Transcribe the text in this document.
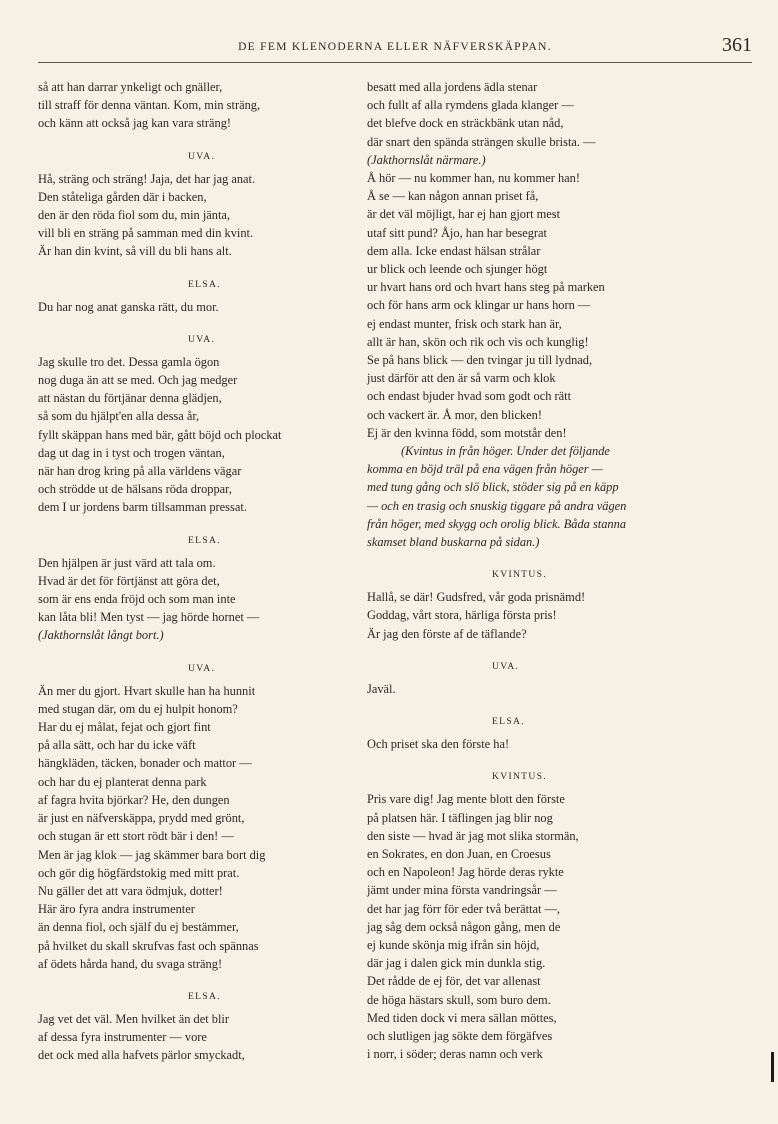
DE FEM KLENODERNA ELLER NÄFVERSKÄPPAN.	361

så att han darrar ynkeligt och gnäller,

till straff för denna väntan. Kom, min sträng,

och känn att också jag kan vara sträng!

UVA.

Hå, sträng och sträng! Jaja, det har jag anat.

Den ståteliga gården där i backen,

den är den röda fiol som du, min jänta,

vill bli en sträng på samman med din kvint.

Är han din kvint, så vill du bli hans alt.

ELSA.

Du har nog anat ganska rätt, du mor.

UVA.

Jag skulle tro det. Dessa gamla ögon

nog duga än att se med. Och jag medger

att nästan du förtjänar denna glädjen,

så som du hjälpt'en alla dessa år,

fyllt skäppan hans med bär, gått böjd och plockat

dag ut dag in i tyst och trogen väntan,

när han drog kring på alla världens vägar

och strödde ut de hälsans röda droppar,

dem I ur jordens barm tillsamman pressat.

ELSA.

Den hjälpen är just värd att tala om.

Hvad är det för förtjänst att göra det,

som är ens enda fröjd och som man inte

kan låta bli! Men tyst — jag hörde hornet —

(Jakthornslåt långt bort.)

UVA.

Än mer du gjort. Hvart skulle han ha hunnit

med stugan där, om du ej hulpit honom?

Har du ej målat, fejat och gjort fint

på alla sätt, och har du icke väft

hängkläden, täcken, bonader och mattor —

och har du ej planterat denna park

af fagra hvita björkar? He, den dungen

är just en näfverskäppa, prydd med grönt,

och stugan är ett stort rödt bär i den! —

Men är jag klok — jag skämmer bara bort dig

och gör dig högfärdstokig med mitt prat.

Nu gäller det att vara ödmjuk, dotter!

Här äro fyra andra instrumenter

än denna fiol, och själf du ej bestämmer,

på hvilket du skall skrufvas fast och spännas

af ödets hårda hand, du svaga sträng!

ELSA.

Jag vet det väl. Men hvilket än det blir

af dessa fyra instrumenter — vore

det ock med alla hafvets pärlor smyckadt,

besatt med alla jordens ädla stenar

och fullt af alla rymdens glada klanger —

det blefve dock en sträckbänk utan nåd,

där snart den spända strängen skulle brista. —

(Jakthornslåt närmare.)

Å hör — nu kommer han, nu kommer han!

Å se — kan någon annan priset få,

är det väl möjligt, har ej han gjort mest

utaf sitt pund? Åjo, han har besegrat

dem alla. Icke endast hälsan strålar

ur blick och leende och sjunger högt

ur hvart hans ord och hvart hans steg på marken

och för hans arm ock klingar ur hans horn —

ej endast munter, frisk och stark han är,

allt är han, skön och rik och vis och kunglig!

Se på hans blick — den tvingar ju till lydnad,

just därför att den är så varm och klok

och endast bjuder hvad som godt och rätt

och vackert är. Å mor, den blicken!

Ej är den kvinna född, som motstår den!

(Kvintus in från höger. Under det följande

komma en böjd träl på ena vägen från höger —

med tung gång och slö blick, stöder sig på en käpp

— och en trasig och snuskig tiggare på andra vägen

från höger, med skygg och orolig blick. Båda stanna

skamset bland buskarna på sidan.)

KVINTUS.

Hallå, se där! Gudsfred, vår goda prisnämd!

Goddag, vårt stora, härliga första pris!

Är jag den förste af de täflande?

UVA.

Javäl.

ELSA.

Och priset ska den förste ha!

KVINTUS.

Pris vare dig! Jag mente blott den förste

på platsen här. I täflingen jag blir nog

den siste — hvad är jag mot slika stormän,

en Sokrates, en don Juan, en Croesus

och en Napoleon! Jag hörde deras rykte

jämt under mina första vandringsår —

det har jag förr för eder två berättat —,

jag såg dem också någon gång, men de

ej kunde skönja mig ifrån sin höjd,

där jag i dalen gick min dunkla stig.

Det rådde de ej för, det var allenast

de höga hästars skull, som buro dem.

Med tiden dock vi mera sällan möttes,

och slutligen jag sökte dem förgäfves

i norr, i söder; deras namn och verk
